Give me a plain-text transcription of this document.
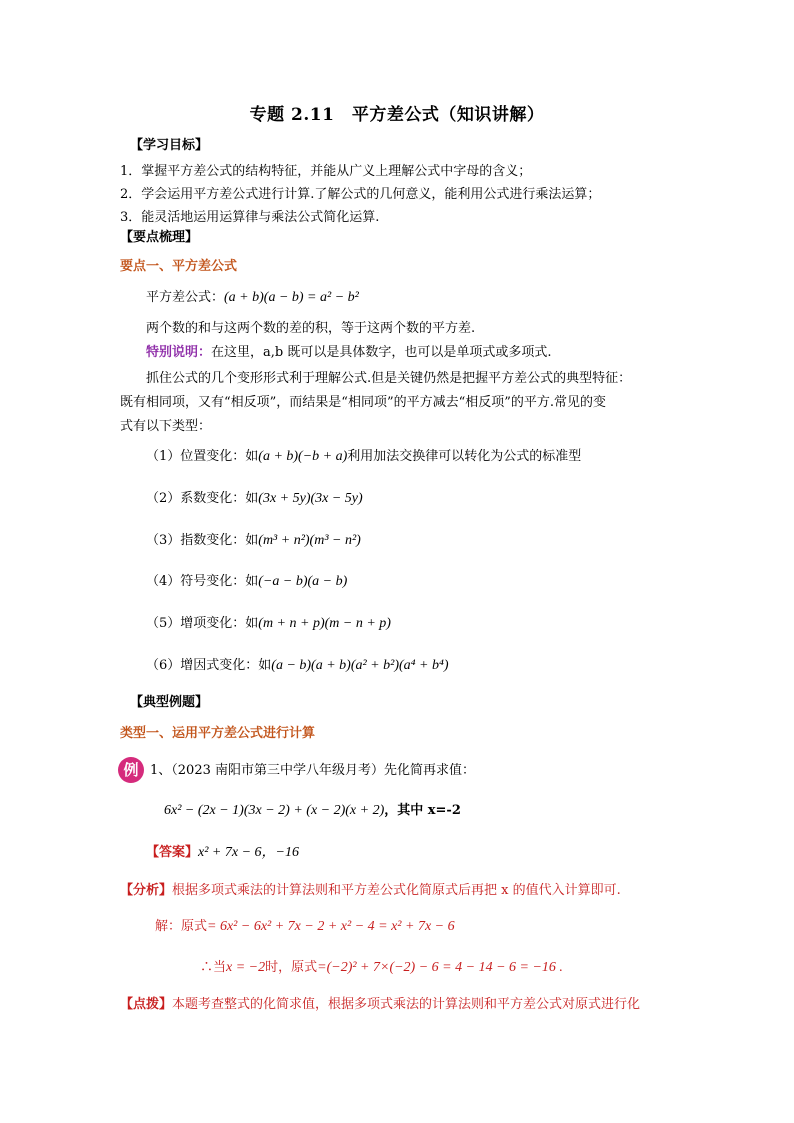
专题 2.11　平方差公式（知识讲解）
【学习目标】
1．掌握平方差公式的结构特征，并能从广义上理解公式中字母的含义；
2．学会运用平方差公式进行计算.了解公式的几何意义，能利用公式进行乘法运算；
3．能灵活地运用运算律与乘法公式简化运算.
【要点梳理】
要点一、平方差公式
平方差公式：(a + b)(a − b) = a² − b²
两个数的和与这两个数的差的积，等于这两个数的平方差.
特别说明：在这里，a,b 既可以是具体数字，也可以是单项式或多项式.
抓住公式的几个变形形式利于理解公式.但是关键仍然是把握平方差公式的典型特征：
既有相同项，又有“相反项”，而结果是“相同项”的平方减去“相反项”的平方.常见的变
式有以下类型：
（1）位置变化：如(a + b)(−b + a)利用加法交换律可以转化为公式的标准型
（2）系数变化：如(3x + 5y)(3x − 5y)
（3）指数变化：如(m³ + n²)(m³ − n²)
（4）符号变化：如(−a − b)(a − b)
（5）增项变化：如(m + n + p)(m − n + p)
（6）增因式变化：如(a − b)(a + b)(a² + b²)(a⁴ + b⁴)
【典型例题】
类型一、运用平方差公式进行计算
例 1、（2023 南阳市第三中学八年级月考）先化简再求值：
6x² − (2x − 1)(3x − 2) + (x − 2)(x + 2)，其中 x=-2
【答案】x² + 7x − 6，−16
【分析】根据多项式乘法的计算法则和平方差公式化简原式后再把 x 的值代入计算即可.
解：原式= 6x² − 6x² + 7x − 2 + x² − 4 = x² + 7x − 6
∴当x = −2时，原式=(−2)² + 7×(−2) − 6 = 4 − 14 − 6 = −16 .
【点拨】本题考查整式的化简求值，根据多项式乘法的计算法则和平方差公式对原式进行化
